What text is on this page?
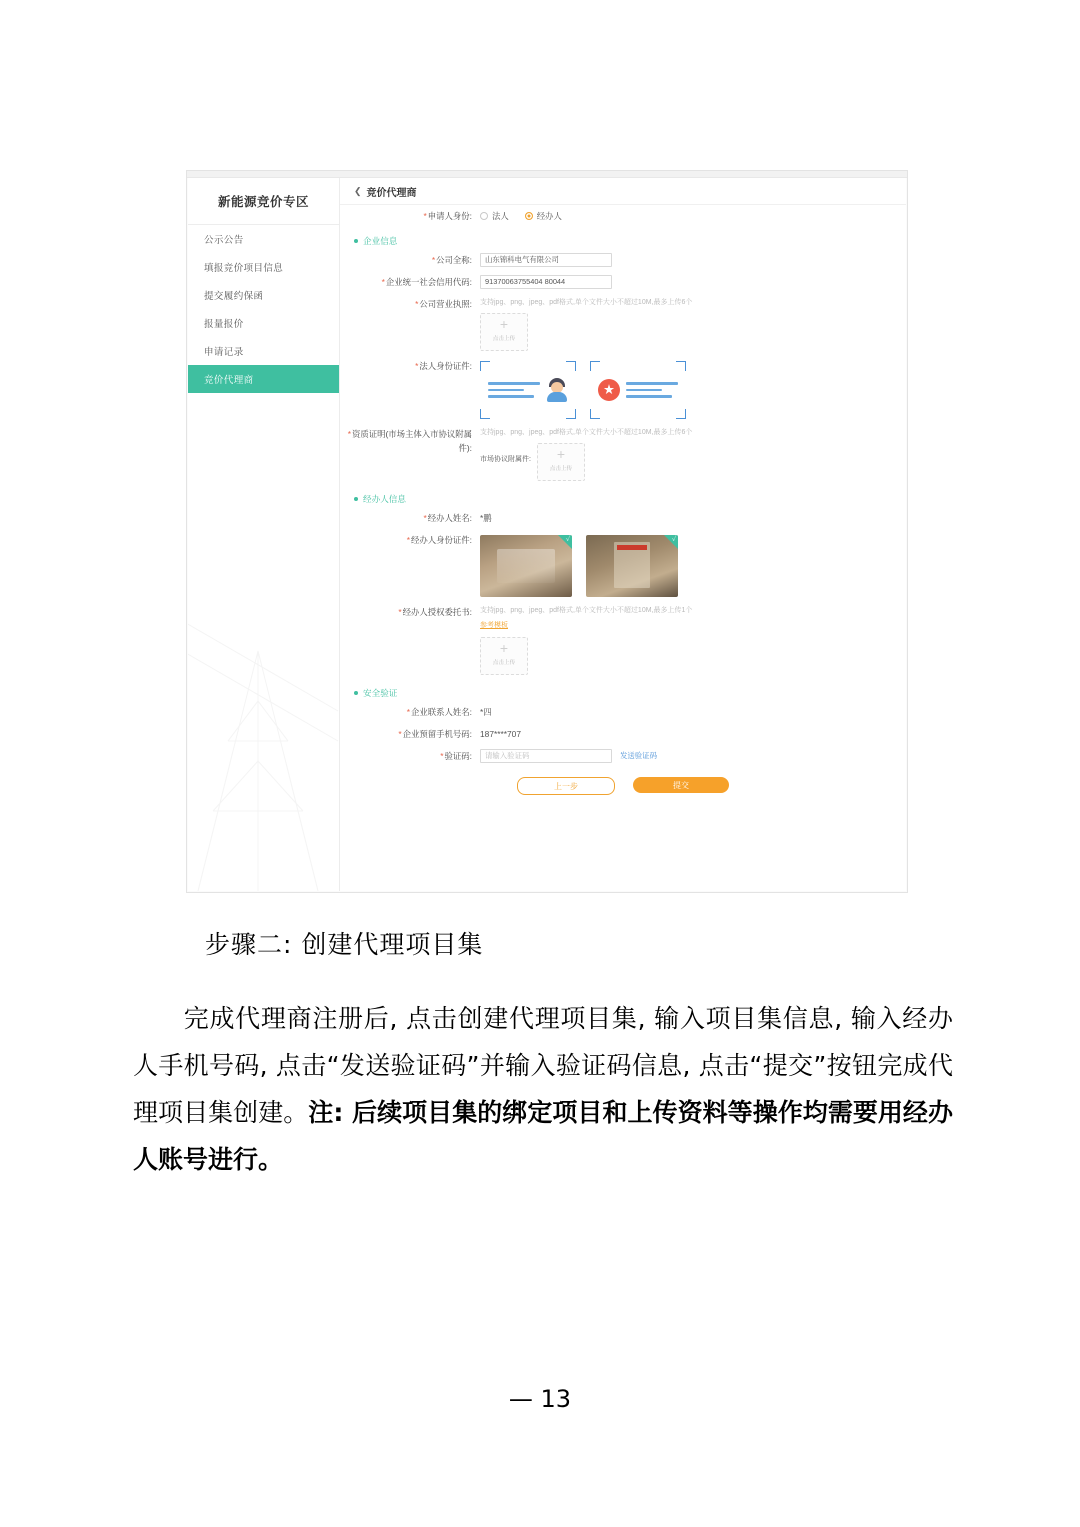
新能源竞价专区
公示公告
填报竞价项目信息
提交履约保函
报量报价
申请记录
竞价代理商
❮ 竞价代理商
*申请人身份:	法人	经办人
企业信息
*公司全称:	山东锦科电气有限公司
*企业统一社会信用代码:	91370063755404 80044
*公司营业执照:	支持jpg、png、jpeg、pdf格式,单个文件大小不超过10M,最多上传6个
+
点击上传
*法人身份证件:
★
*资质证明(市场主体入市协议附属件):
支持jpg、png、jpeg、pdf格式,单个文件大小不超过10M,最多上传6个
市场协议附属件: +
点击上传
经办人信息
*经办人姓名: *鹏
*经办人身份证件:	✓	✓
*经办人授权委托书:	支持jpg、png、jpeg、pdf格式,单个文件大小不超过10M,最多上传1个
参考模板
+
点击上传
安全验证
*企业联系人姓名: *四
*企业预留手机号码: 187****707
*验证码:	请输入验证码	发送验证码
上一步	提交
步骤二: 创建代理项目集
完成代理商注册后, 点击创建代理项目集, 输入项目集信息, 输入经办人手机号码, 点击“发送验证码”并输入验证码信息, 点击“提交”按钮完成代理项目集创建。注: 后续项目集的绑定项目和上传资料等操作均需要用经办人账号进行。
— 13
